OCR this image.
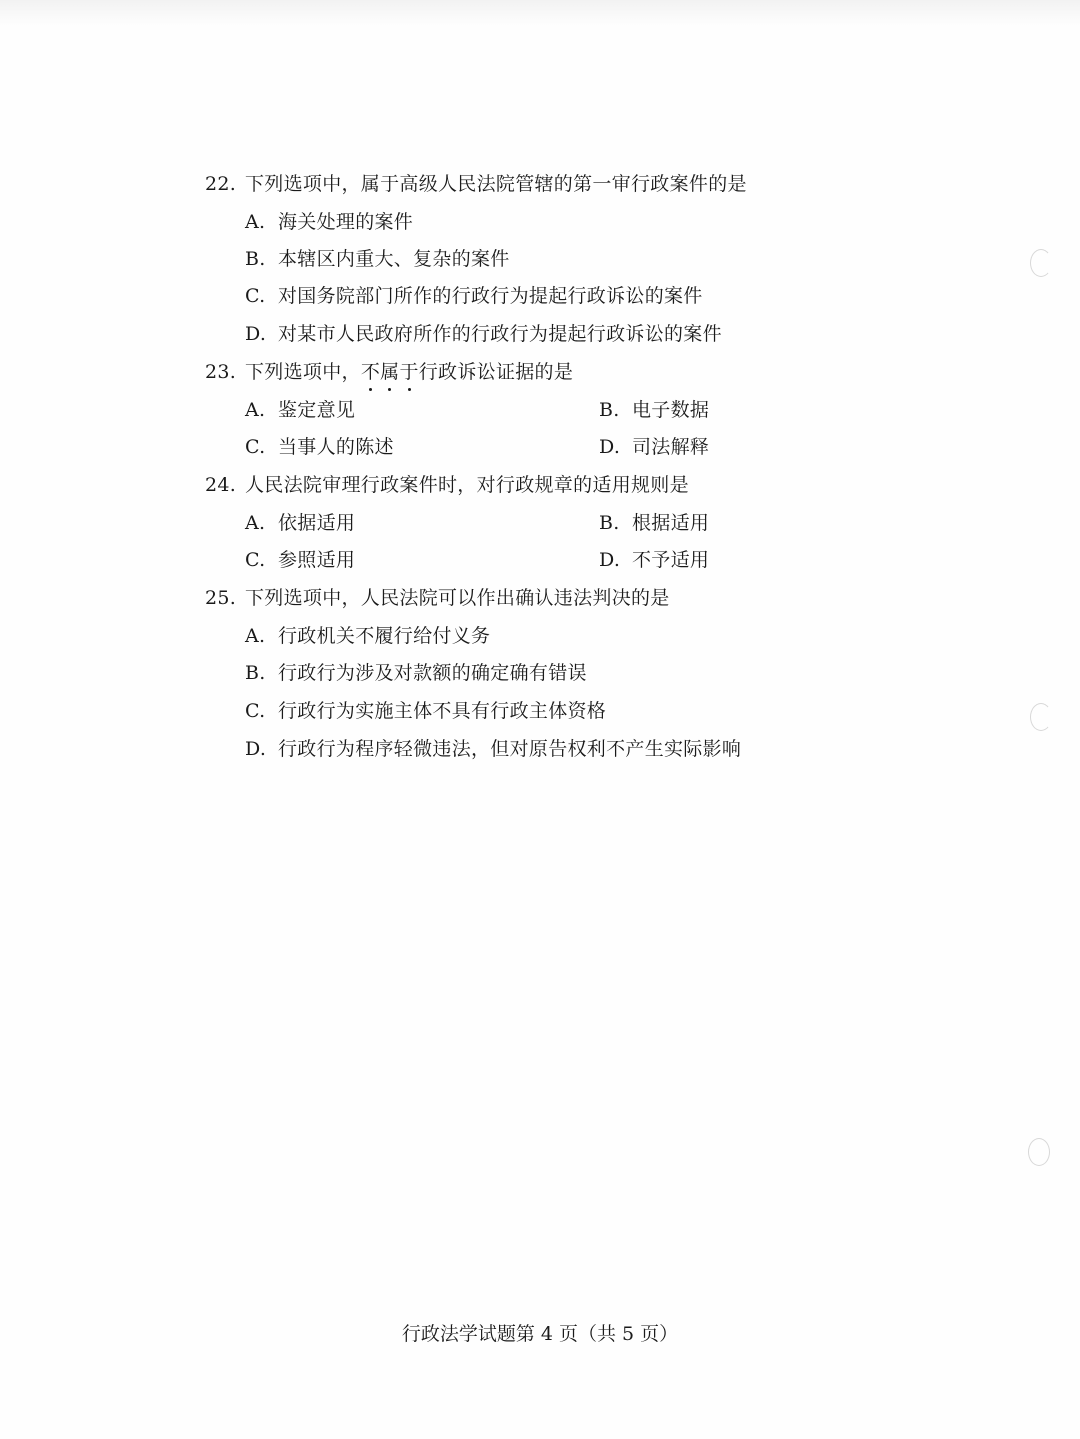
22. 下列选项中，属于高级人民法院管辖的第一审行政案件的是
A. 海关处理的案件
B. 本辖区内重大、复杂的案件
C. 对国务院部门所作的行政行为提起行政诉讼的案件
D. 对某市人民政府所作的行政行为提起行政诉讼的案件
23. 下列选项中，不属于行政诉讼证据的是
A. 鉴定意见	B. 电子数据
C. 当事人的陈述	D. 司法解释
24. 人民法院审理行政案件时，对行政规章的适用规则是
A. 依据适用	B. 根据适用
C. 参照适用	D. 不予适用
25. 下列选项中，人民法院可以作出确认违法判决的是
A. 行政机关不履行给付义务
B. 行政行为涉及对款额的确定确有错误
C. 行政行为实施主体不具有行政主体资格
D. 行政行为程序轻微违法，但对原告权利不产生实际影响
行政法学试题第 4 页（共 5 页）
